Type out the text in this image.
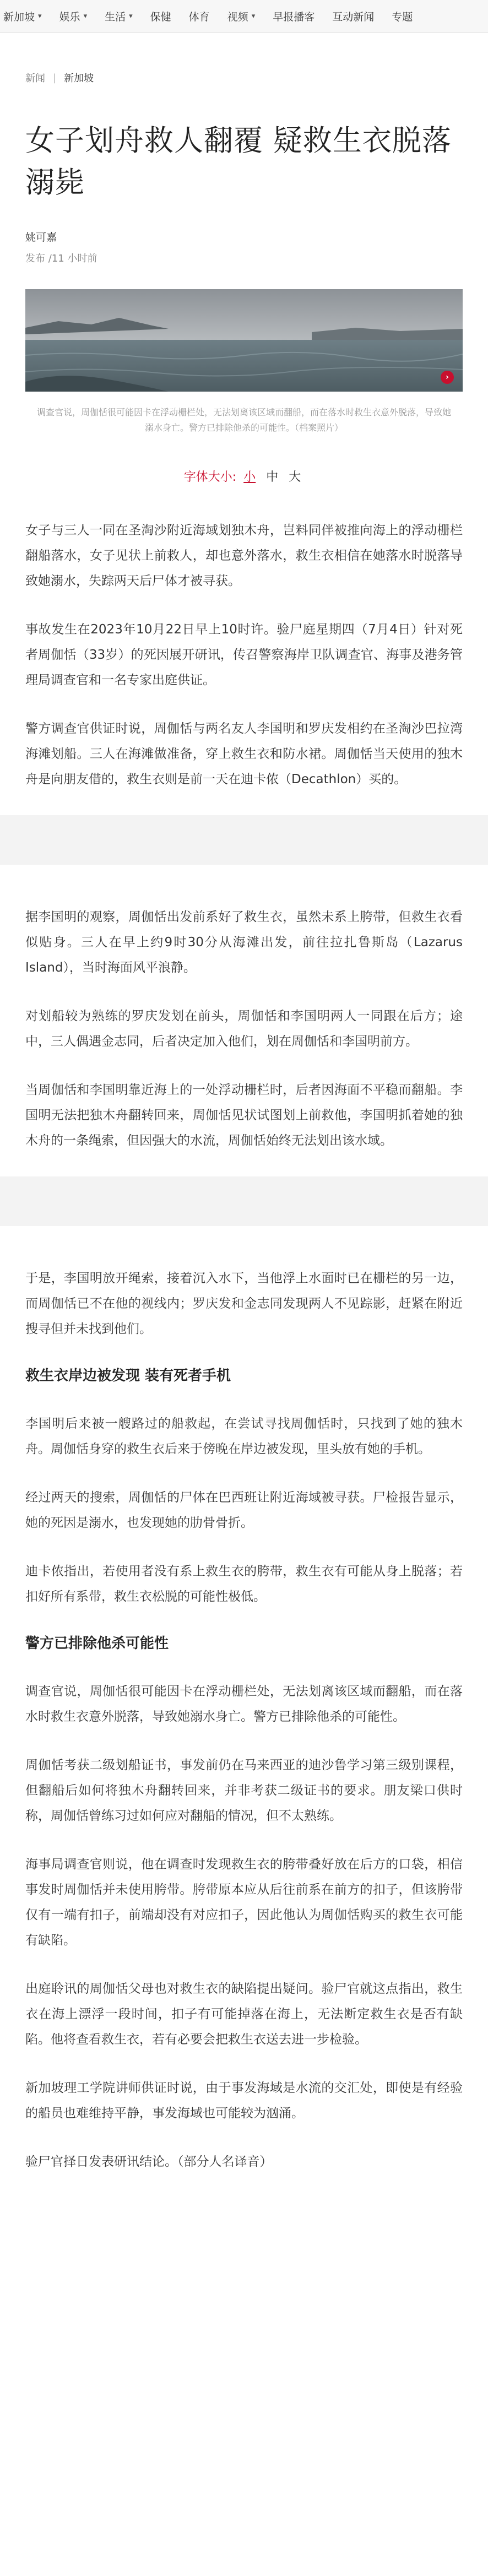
新加坡 ▾ 娱乐 ▾ 生活 ▾ 保健 体育 视频 ▾ 早报播客 互动新闻 专题
新闻 | 新加坡
女子划舟救人翻覆 疑救生衣脱落溺毙
姚可嘉
发布 /11 小时前
›
调查官说，周伽恬很可能因卡在浮动栅栏处，无法划离该区域而翻船，而在落水时救生衣意外脱落，导致她溺水身亡。警方已排除他杀的可能性。（档案照片）
字体大小: 小 中 大

女子与三人一同在圣淘沙附近海域划独木舟，岂料同伴被推向海上的浮动栅栏翻船落水，女子见状上前救人，却也意外落水，救生衣相信在她落水时脱落导致她溺水，失踪两天后尸体才被寻获。

事故发生在2023年10月22日早上10时许。验尸庭星期四（7月4日）针对死者周伽恬（33岁）的死因展开研讯，传召警察海岸卫队调查官、海事及港务管理局调查官和一名专家出庭供证。

警方调查官供证时说，周伽恬与两名友人李国明和罗庆发相约在圣淘沙巴拉湾海滩划船。三人在海滩做准备，穿上救生衣和防水裙。周伽恬当天使用的独木舟是向朋友借的，救生衣则是前一天在迪卡侬（Decathlon）买的。

据李国明的观察，周伽恬出发前系好了救生衣，虽然未系上胯带，但救生衣看似贴身。三人在早上约9时30分从海滩出发，前往拉扎鲁斯岛（Lazarus Island），当时海面风平浪静。

对划船较为熟练的罗庆发划在前头，周伽恬和李国明两人一同跟在后方；途中，三人偶遇金志同，后者决定加入他们，划在周伽恬和李国明前方。

当周伽恬和李国明靠近海上的一处浮动栅栏时，后者因海面不平稳而翻船。李国明无法把独木舟翻转回来，周伽恬见状试图划上前救他，李国明抓着她的独木舟的一条绳索，但因强大的水流，周伽恬始终无法划出该水域。

于是，李国明放开绳索，接着沉入水下，当他浮上水面时已在栅栏的另一边，而周伽恬已不在他的视线内；罗庆发和金志同发现两人不见踪影，赶紧在附近搜寻但并未找到他们。

救生衣岸边被发现 装有死者手机

李国明后来被一艘路过的船救起，在尝试寻找周伽恬时，只找到了她的独木舟。周伽恬身穿的救生衣后来于傍晚在岸边被发现，里头放有她的手机。

经过两天的搜索，周伽恬的尸体在巴西班让附近海域被寻获。尸检报告显示，她的死因是溺水，也发现她的肋骨骨折。

迪卡侬指出，若使用者没有系上救生衣的胯带，救生衣有可能从身上脱落；若扣好所有系带，救生衣松脱的可能性极低。

警方已排除他杀可能性

调查官说，周伽恬很可能因卡在浮动栅栏处，无法划离该区域而翻船，而在落水时救生衣意外脱落，导致她溺水身亡。警方已排除他杀的可能性。

周伽恬考获二级划船证书，事发前仍在马来西亚的迪沙鲁学习第三级别课程，但翻船后如何将独木舟翻转回来，并非考获二级证书的要求。朋友梁口供时称，周伽恬曾练习过如何应对翻船的情况，但不太熟练。

海事局调查官则说，他在调查时发现救生衣的胯带叠好放在后方的口袋，相信事发时周伽恬并未使用胯带。胯带原本应从后往前系在前方的扣子，但该胯带仅有一端有扣子，前端却没有对应扣子，因此他认为周伽恬购买的救生衣可能有缺陷。

出庭聆讯的周伽恬父母也对救生衣的缺陷提出疑问。验尸官就这点指出，救生衣在海上漂浮一段时间，扣子有可能掉落在海上，无法断定救生衣是否有缺陷。他将查看救生衣，若有必要会把救生衣送去进一步检验。

新加坡理工学院讲师供证时说，由于事发海域是水流的交汇处，即使是有经验的船员也难维持平静，事发海域也可能较为汹涌。

验尸官择日发表研讯结论。（部分人名译音）
